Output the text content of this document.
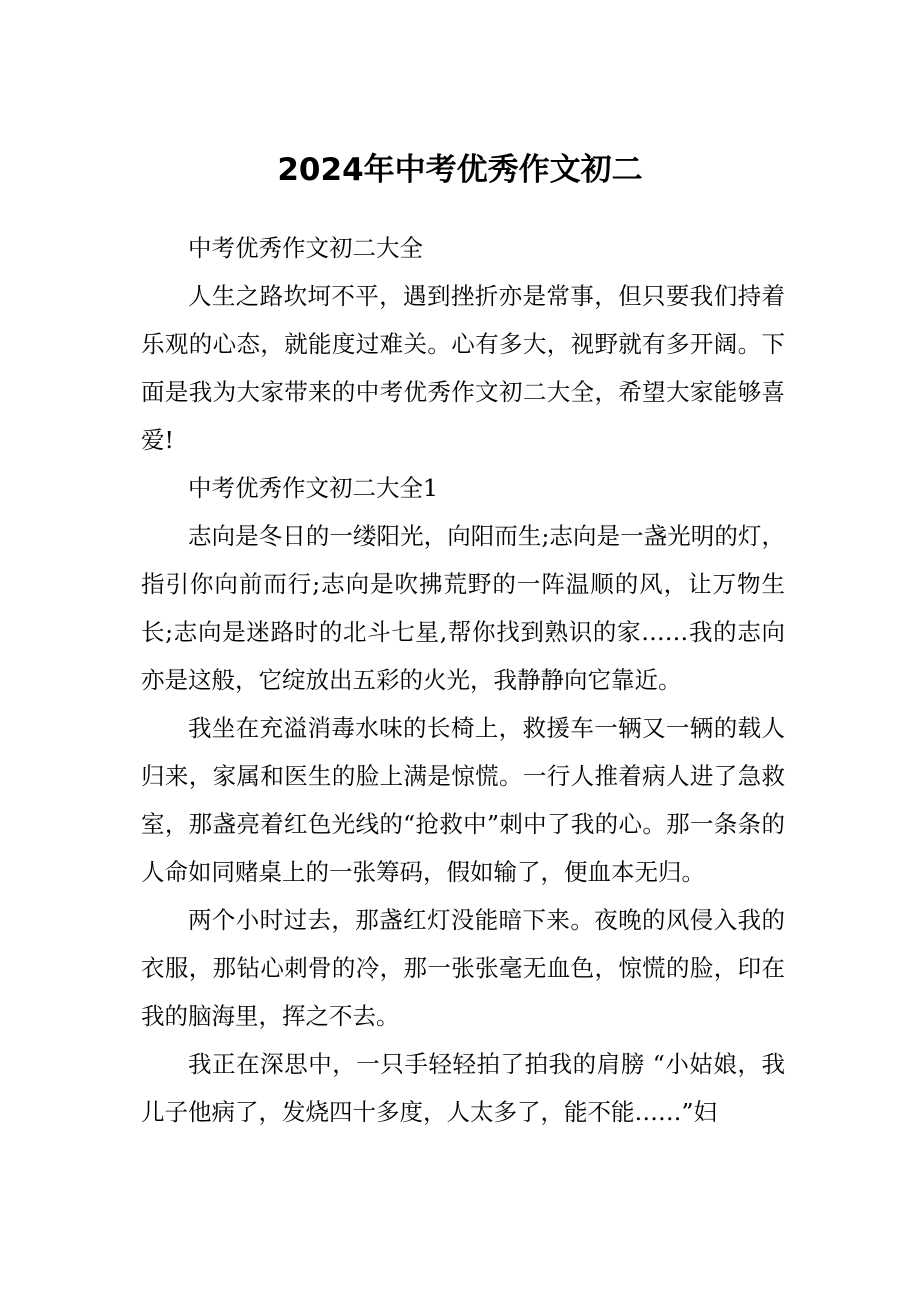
2024年中考优秀作文初二

中考优秀作文初二大全

人生之路坎坷不平，遇到挫折亦是常事，但只要我们持着乐观的心态，就能度过难关。心有多大，视野就有多开阔。下面是我为大家带来的中考优秀作文初二大全，希望大家能够喜爱!

中考优秀作文初二大全1

志向是冬日的一缕阳光，向阳而生;志向是一盏光明的灯，指引你向前而行;志向是吹拂荒野的一阵温顺的风，让万物生长;志向是迷路时的北斗七星,帮你找到熟识的家……我的志向亦是这般，它绽放出五彩的火光，我静静向它靠近。

我坐在充溢消毒水味的长椅上，救援车一辆又一辆的载人归来，家属和医生的脸上满是惊慌。一行人推着病人进了急救室，那盏亮着红色光线的“抢救中”刺中了我的心。那一条条的人命如同赌桌上的一张筹码，假如输了，便血本无归。

两个小时过去，那盏红灯没能暗下来。夜晚的风侵入我的衣服，那钻心刺骨的冷，那一张张毫无血色，惊慌的脸，印在我的脑海里，挥之不去。

我正在深思中，一只手轻轻拍了拍我的肩膀 “小姑娘，我儿子他病了，发烧四十多度，人太多了，能不能……”妇
